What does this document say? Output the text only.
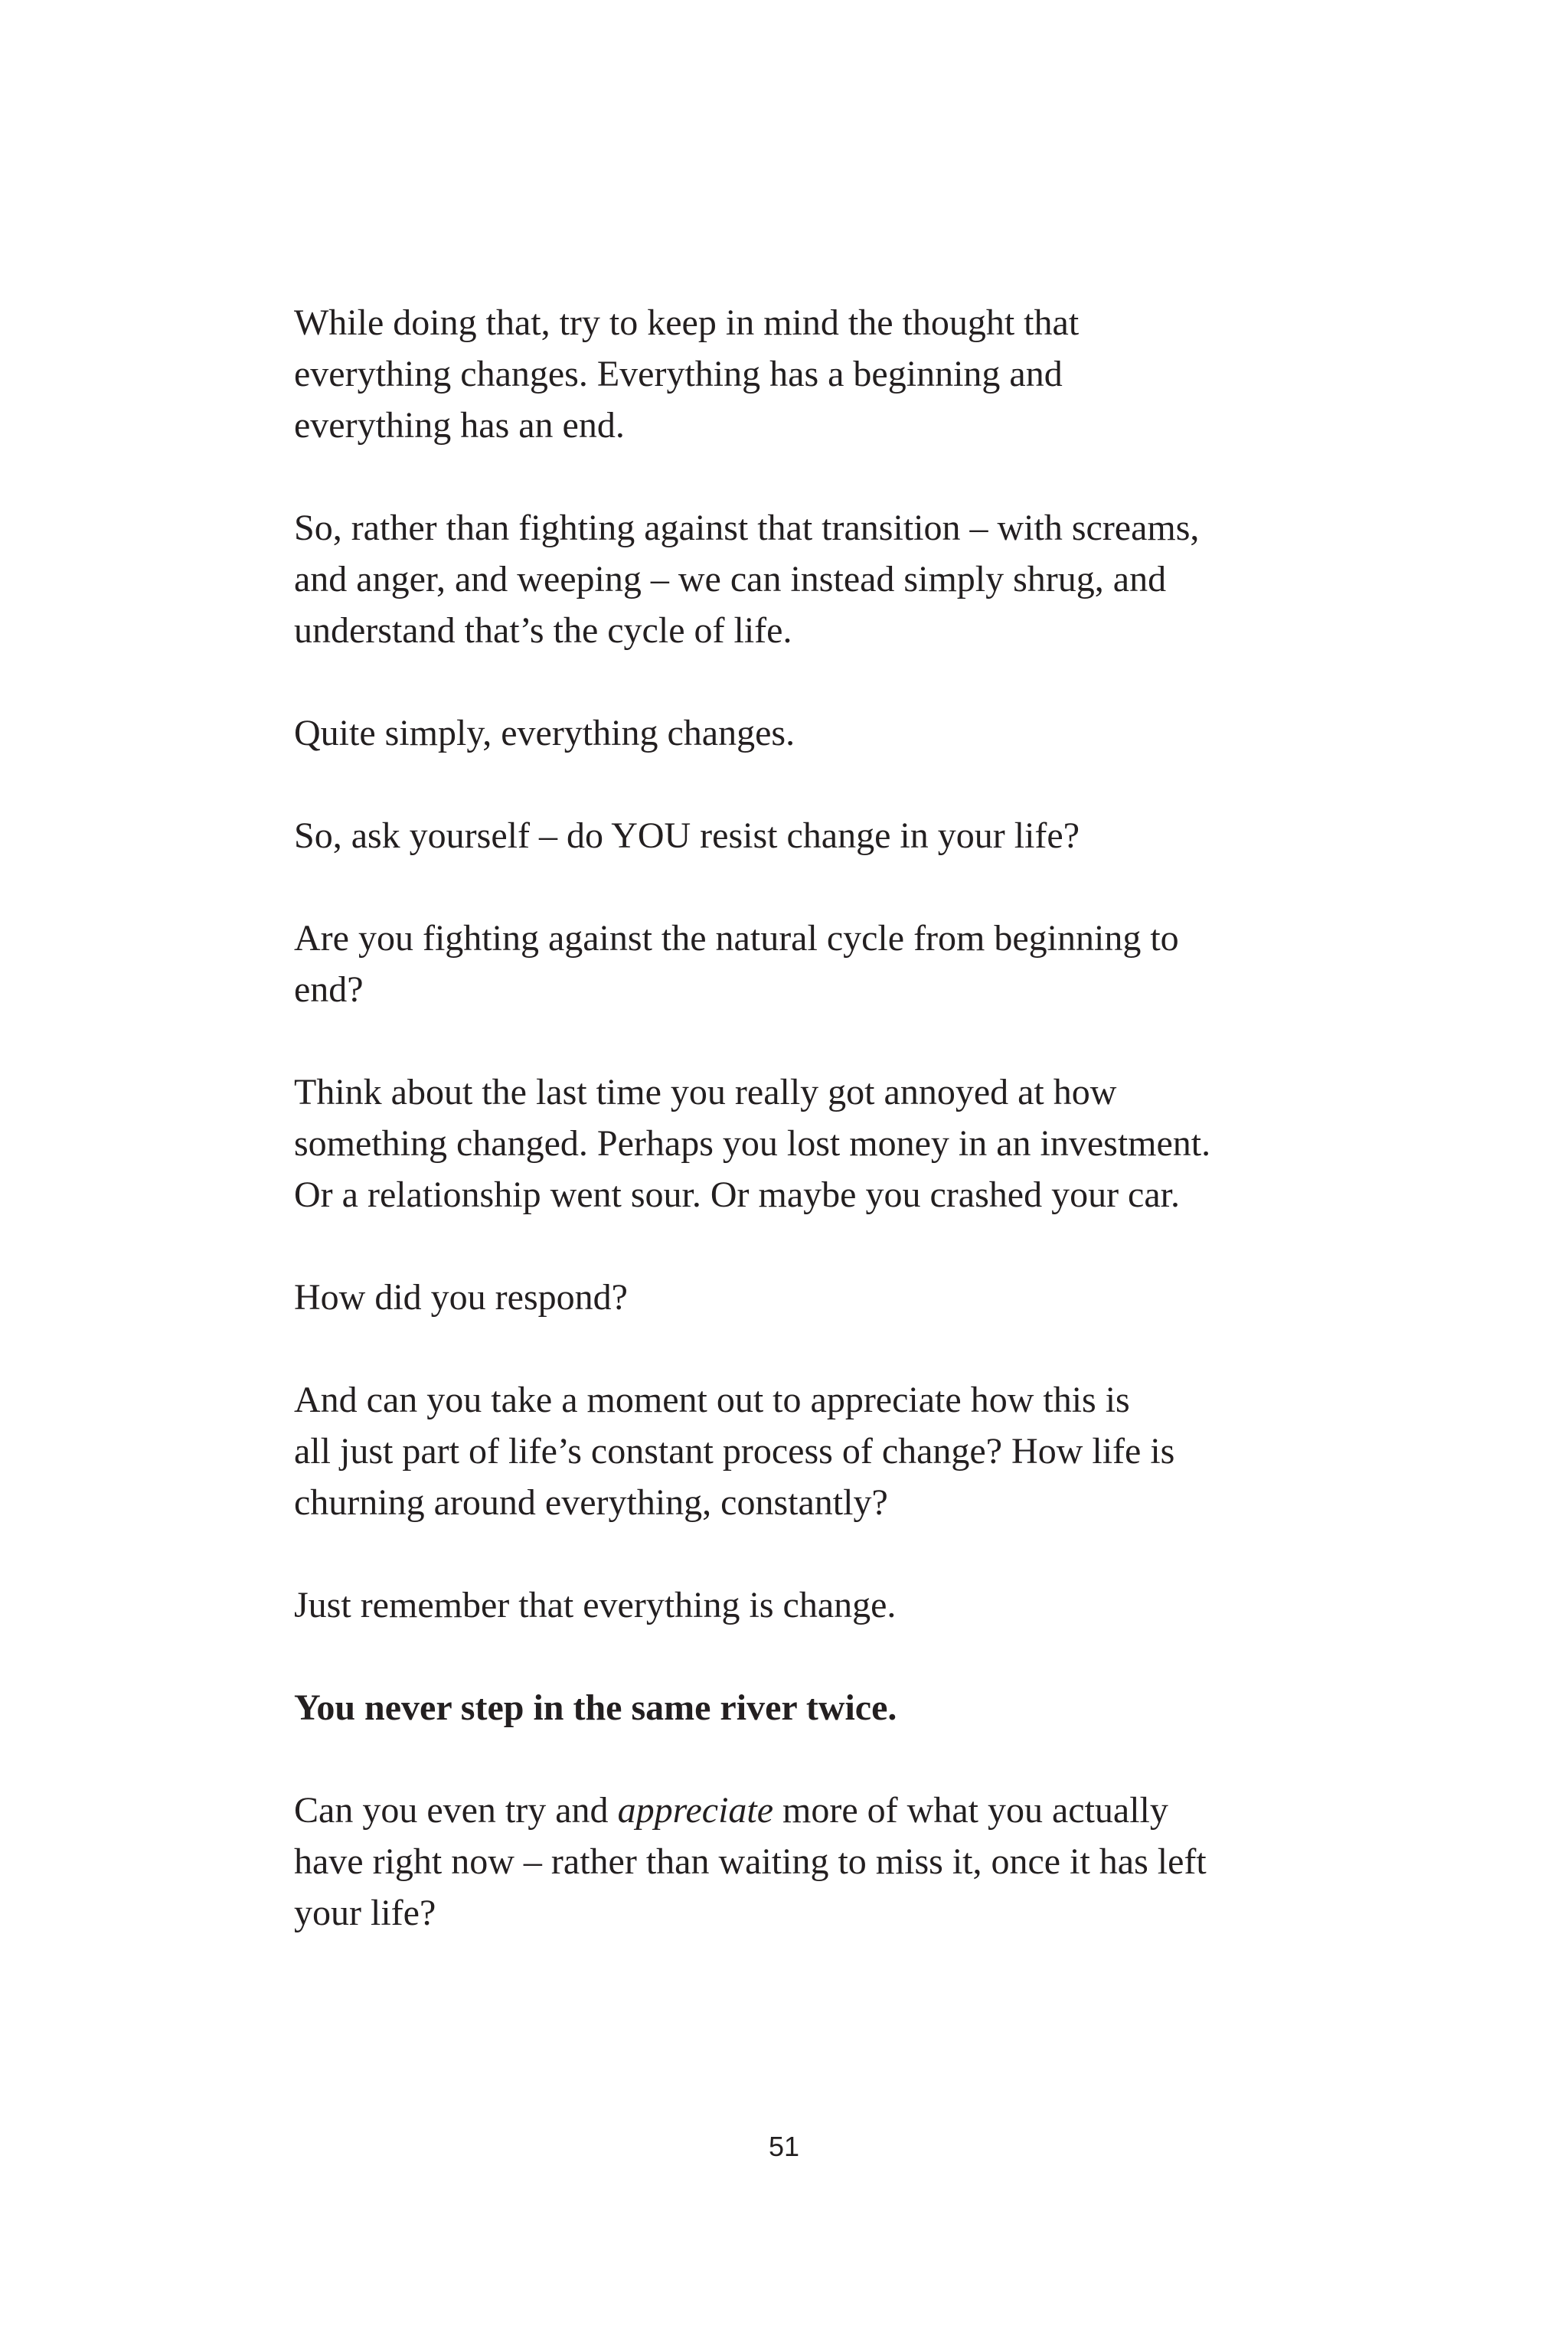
While doing that, try to keep in mind the thought that
everything changes. Everything has a beginning and
everything has an end.

So, rather than fighting against that transition – with screams,
and anger, and weeping – we can instead simply shrug, and
understand that’s the cycle of life.

Quite simply, everything changes.

So, ask yourself – do YOU resist change in your life?

Are you fighting against the natural cycle from beginning to
end?

Think about the last time you really got annoyed at how
something changed. Perhaps you lost money in an investment.
Or a relationship went sour. Or maybe you crashed your car.

How did you respond?

And can you take a moment out to appreciate how this is
all just part of life’s constant process of change? How life is
churning around everything, constantly?

Just remember that everything is change.

You never step in the same river twice.

Can you even try and appreciate more of what you actually
have right now – rather than waiting to miss it, once it has left
your life?

51
